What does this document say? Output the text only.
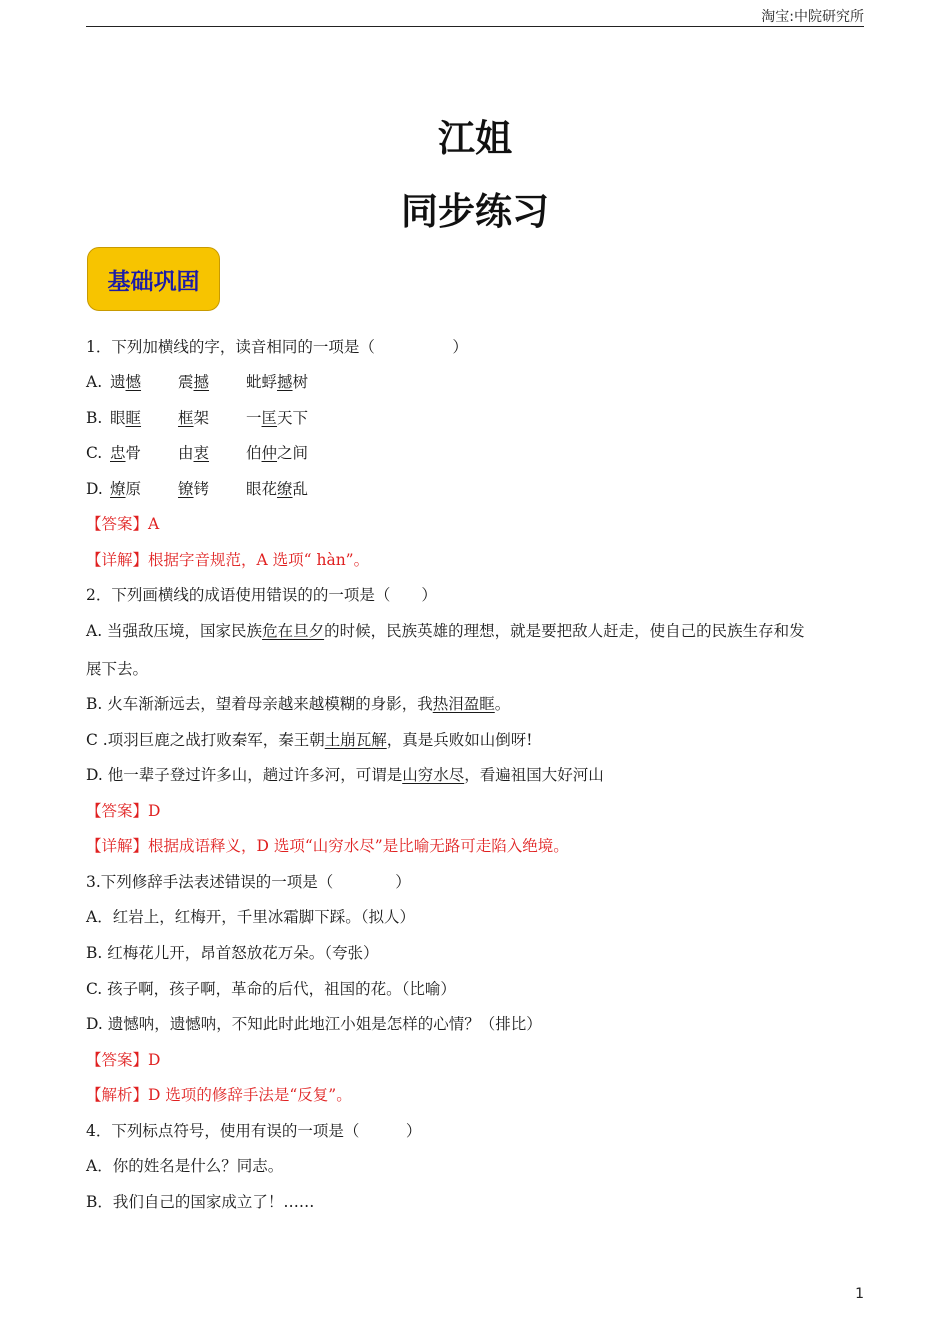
淘宝:中院研究所
江姐
同步练习
基础巩固
1．下列加横线的字，读音相同的一项是（　　　　　）
A.遗憾 震撼 蚍蜉撼树
B.眼眶 框架 一匡天下
C.忠骨 由衷 伯仲之间
D.燎原 镣铐 眼花缭乱
【答案】A
【详解】根据字音规范，A 选项“ hàn”。
2．下列画横线的成语使用错误的的一项是（　　）
A. 当强敌压境，国家民族危在旦夕的时候，民族英雄的理想，就是要把敌人赶走，使自己的民族生存和发
展下去。
B. 火车渐渐远去，望着母亲越来越模糊的身影，我热泪盈眶。
C .项羽巨鹿之战打败秦军，秦王朝土崩瓦解，真是兵败如山倒呀!
D. 他一辈子登过许多山，趟过许多河，可谓是山穷水尽，看遍祖国大好河山
【答案】D
【详解】根据成语释义，D 选项“山穷水尽”是比喻无路可走陷入绝境。
3.下列修辞手法表述错误的一项是（　　　　）
A．红岩上，红梅开，千里冰霜脚下踩。（拟人）
B. 红梅花儿开，昂首怒放花万朵。（夸张）
C. 孩子啊，孩子啊，革命的后代，祖国的花。（比喻）
D. 遗憾呐，遗憾呐，不知此时此地江小姐是怎样的心情？（排比）
【答案】D
【解析】D 选项的修辞手法是“反复”。
4．下列标点符号，使用有误的一项是（　　　）
A．你的姓名是什么？同志。
B．我们自己的国家成立了！……
1
